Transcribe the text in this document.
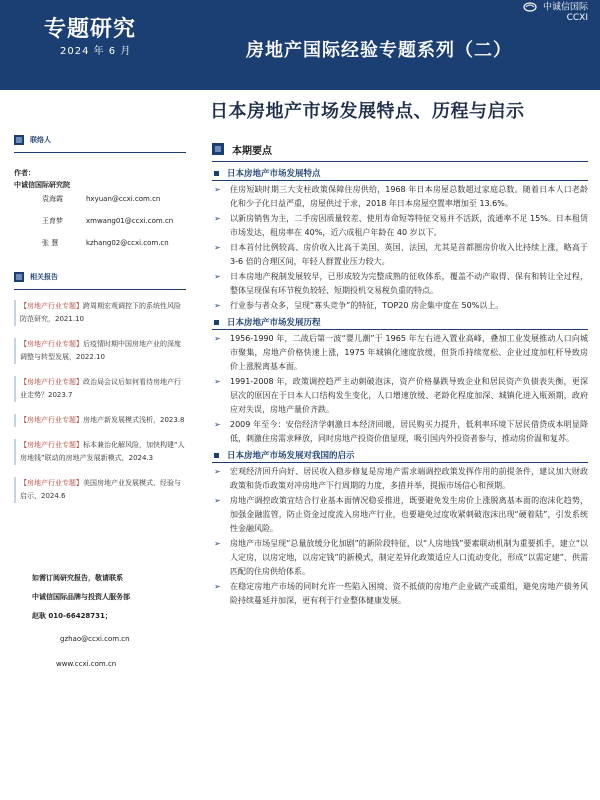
专题研究
2024 年 6 月	房地产国际经验专题系列（二）
中诚信国际
CCXI
日本房地产市场发展特点、历程与启示
联络人
作者：
中诚信国际研究院
袁海霞	hxyuan@ccxi.com.cn
王育梦	xmwang01@ccxi.com.cn
张 慧	kzhang02@ccxi.com.cn
相关报告
【房地产行业专题】跨周期宏观调控下的系统性风险防范研究，2021.10
【房地产行业专题】后疫情时期中国房地产业的深度调整与转型发展，2022.10
【房地产行业专题】政治局会议后如何看待房地产行业走势？2023.7
【房地产行业专题】房地产新发展模式浅析，2023.8
【房地产行业专题】标本兼治化解风险，加快构建“人房地钱”联动的房地产发展新模式，2024.3
【房地产行业专题】美国房地产业发展模式、经验与启示，2024.6
如需订阅研究报告，敬请联系
中诚信国际品牌与投资人服务部
赵耿 010-66428731；
gzhao@ccxi.com.cn
www.ccxi.com.cn
本期要点
日本房地产市场发展特点
➢	住房短缺时期三大支柱政策保障住房供给，1968 年日本房屋总数超过家庭总数。随着日本人口老龄化和少子化日益严重，房屋供过于求，2018 年日本房屋空置率增加至 13.6%。
➢	以新房销售为主，二手房因质量较差、使用寿命短等特征交易并不活跃，流通率不足 15%。日本租赁市场发达，租房率在 40%，近六成租户年龄在 40 岁以下。
➢	日本首付比例较高、房价收入比高于美国、英国、法国，尤其是首都圈房价收入比持续上涨，略高于 3-6 倍的合理区间，年轻人群置业压力较大。
➢	日本房地产税制发展较早，已形成较为完整成熟的征收体系，覆盖不动产取得、保有和转让全过程，整体呈现保有环节税负较轻、短期投机交易税负重的特点。
➢	行业参与者众多，呈现“寡头竞争”的特征，TOP20 房企集中度在 50%以上。
日本房地产市场发展历程
➢	1956-1990 年，二战后第一波“婴儿潮”于 1965 年左右进入置业高峰，叠加工业发展推动人口向城市聚集，房地产价格快速上涨，1975 年城镇化速度放缓，但货币持续宽松、企业过度加杠杆导致房价上涨脱离基本面。
➢	1991-2008 年，政策调控趋严主动刺破泡沫，资产价格暴跌导致企业和居民资产负债表失衡，更深层次的原因在于日本人口结构发生变化，人口增速放缓、老龄化程度加深、城镇化进入瓶颈期，政府应对失误，房地产量价齐跌。
➢	2009 年至今：安倍经济学刺激日本经济回暖，居民购买力提升，低利率环境下居民借贷成本明显降低，刺激住房需求释放，同时房地产投资价值显现，吸引国内外投资者参与，推动房价温和复苏。
日本房地产市场发展对我国的启示
➢	宏观经济回升向好、居民收入稳步修复是房地产需求端调控政策发挥作用的前提条件，建议加大财政政策和货币政策对冲房地产下行周期的力度，多措并举，提振市场信心和预期。
➢	房地产调控政策宜结合行业基本面情况稳妥推进，既要避免发生房价上涨脱离基本面的泡沫化趋势，加强金融监管，防止资金过度流入房地产行业，也要避免过度收紧刺破泡沫出现“硬着陆”，引发系统性金融风险。
➢	房地产市场呈现“总量放缓分化加剧”的新阶段特征，以“人房地钱”要素联动机制为重要抓手，建立“以人定房，以房定地，以房定钱”的新模式，制定差异化政策适应人口流动变化，形成“以需定建”、供需匹配的住房供给体系。
➢	在稳定房地产市场的同时允许一些陷入困境、资不抵债的房地产企业破产或重组，避免房地产债务风险持续蔓延并加深，更有利于行业整体健康发展。
